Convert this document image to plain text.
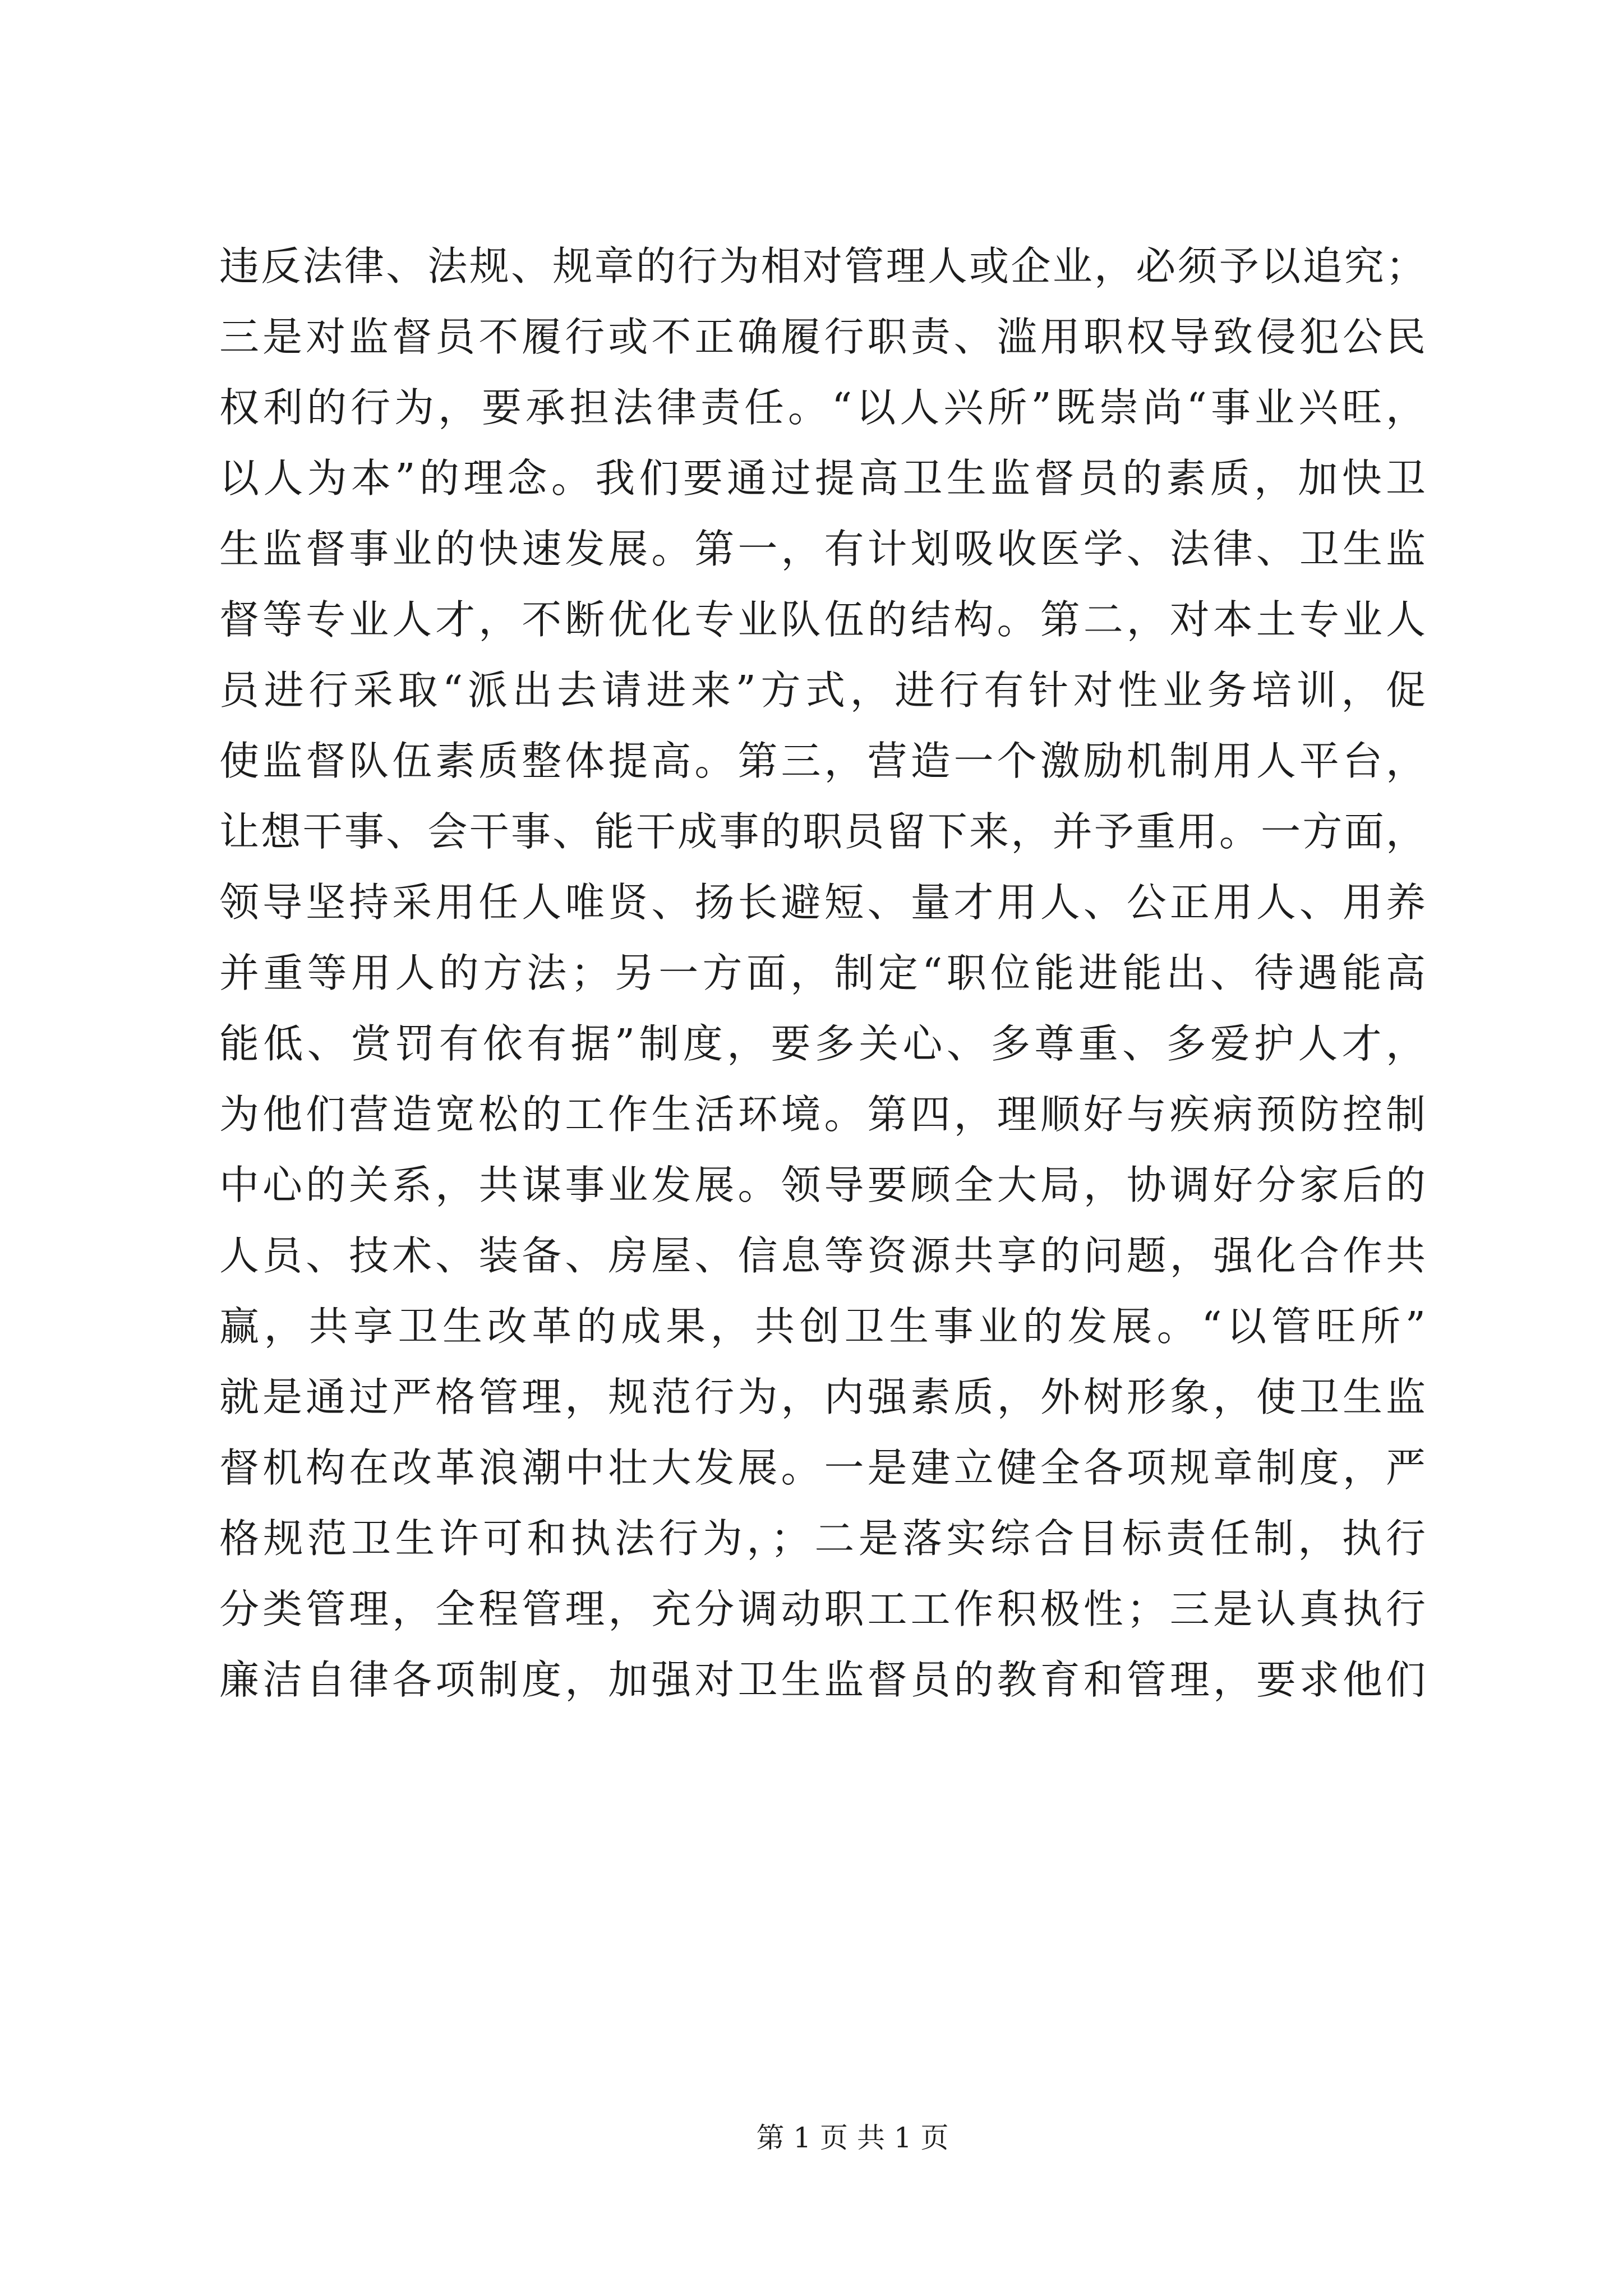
违反法律、法规、规章的行为相对管理人或企业，必须予以追究；
三是对监督员不履行或不正确履行职责、滥用职权导致侵犯公民
权利的行为，要承担法律责任。“以人兴所”既崇尚“事业兴旺，
以人为本”的理念。我们要通过提高卫生监督员的素质，加快卫
生监督事业的快速发展。第一，有计划吸收医学、法律、卫生监
督等专业人才，不断优化专业队伍的结构。第二，对本土专业人
员进行采取“派出去请进来”方式，进行有针对性业务培训，促
使监督队伍素质整体提高。第三，营造一个激励机制用人平台，
让想干事、会干事、能干成事的职员留下来，并予重用。一方面，
领导坚持采用任人唯贤、扬长避短、量才用人、公正用人、用养
并重等用人的方法；另一方面，制定“职位能进能出、待遇能高
能低、赏罚有依有据”制度，要多关心、多尊重、多爱护人才，
为他们营造宽松的工作生活环境。第四，理顺好与疾病预防控制
中心的关系，共谋事业发展。领导要顾全大局，协调好分家后的
人员、技术、装备、房屋、信息等资源共享的问题，强化合作共
赢，共享卫生改革的成果，共创卫生事业的发展。“以管旺所”
就是通过严格管理，规范行为，内强素质，外树形象，使卫生监
督机构在改革浪潮中壮大发展。一是建立健全各项规章制度，严
格规范卫生许可和执法行为，；二是落实综合目标责任制，执行
分类管理，全程管理，充分调动职工工作积极性；三是认真执行
廉洁自律各项制度，加强对卫生监督员的教育和管理，要求他们
第 1 页 共 1 页
